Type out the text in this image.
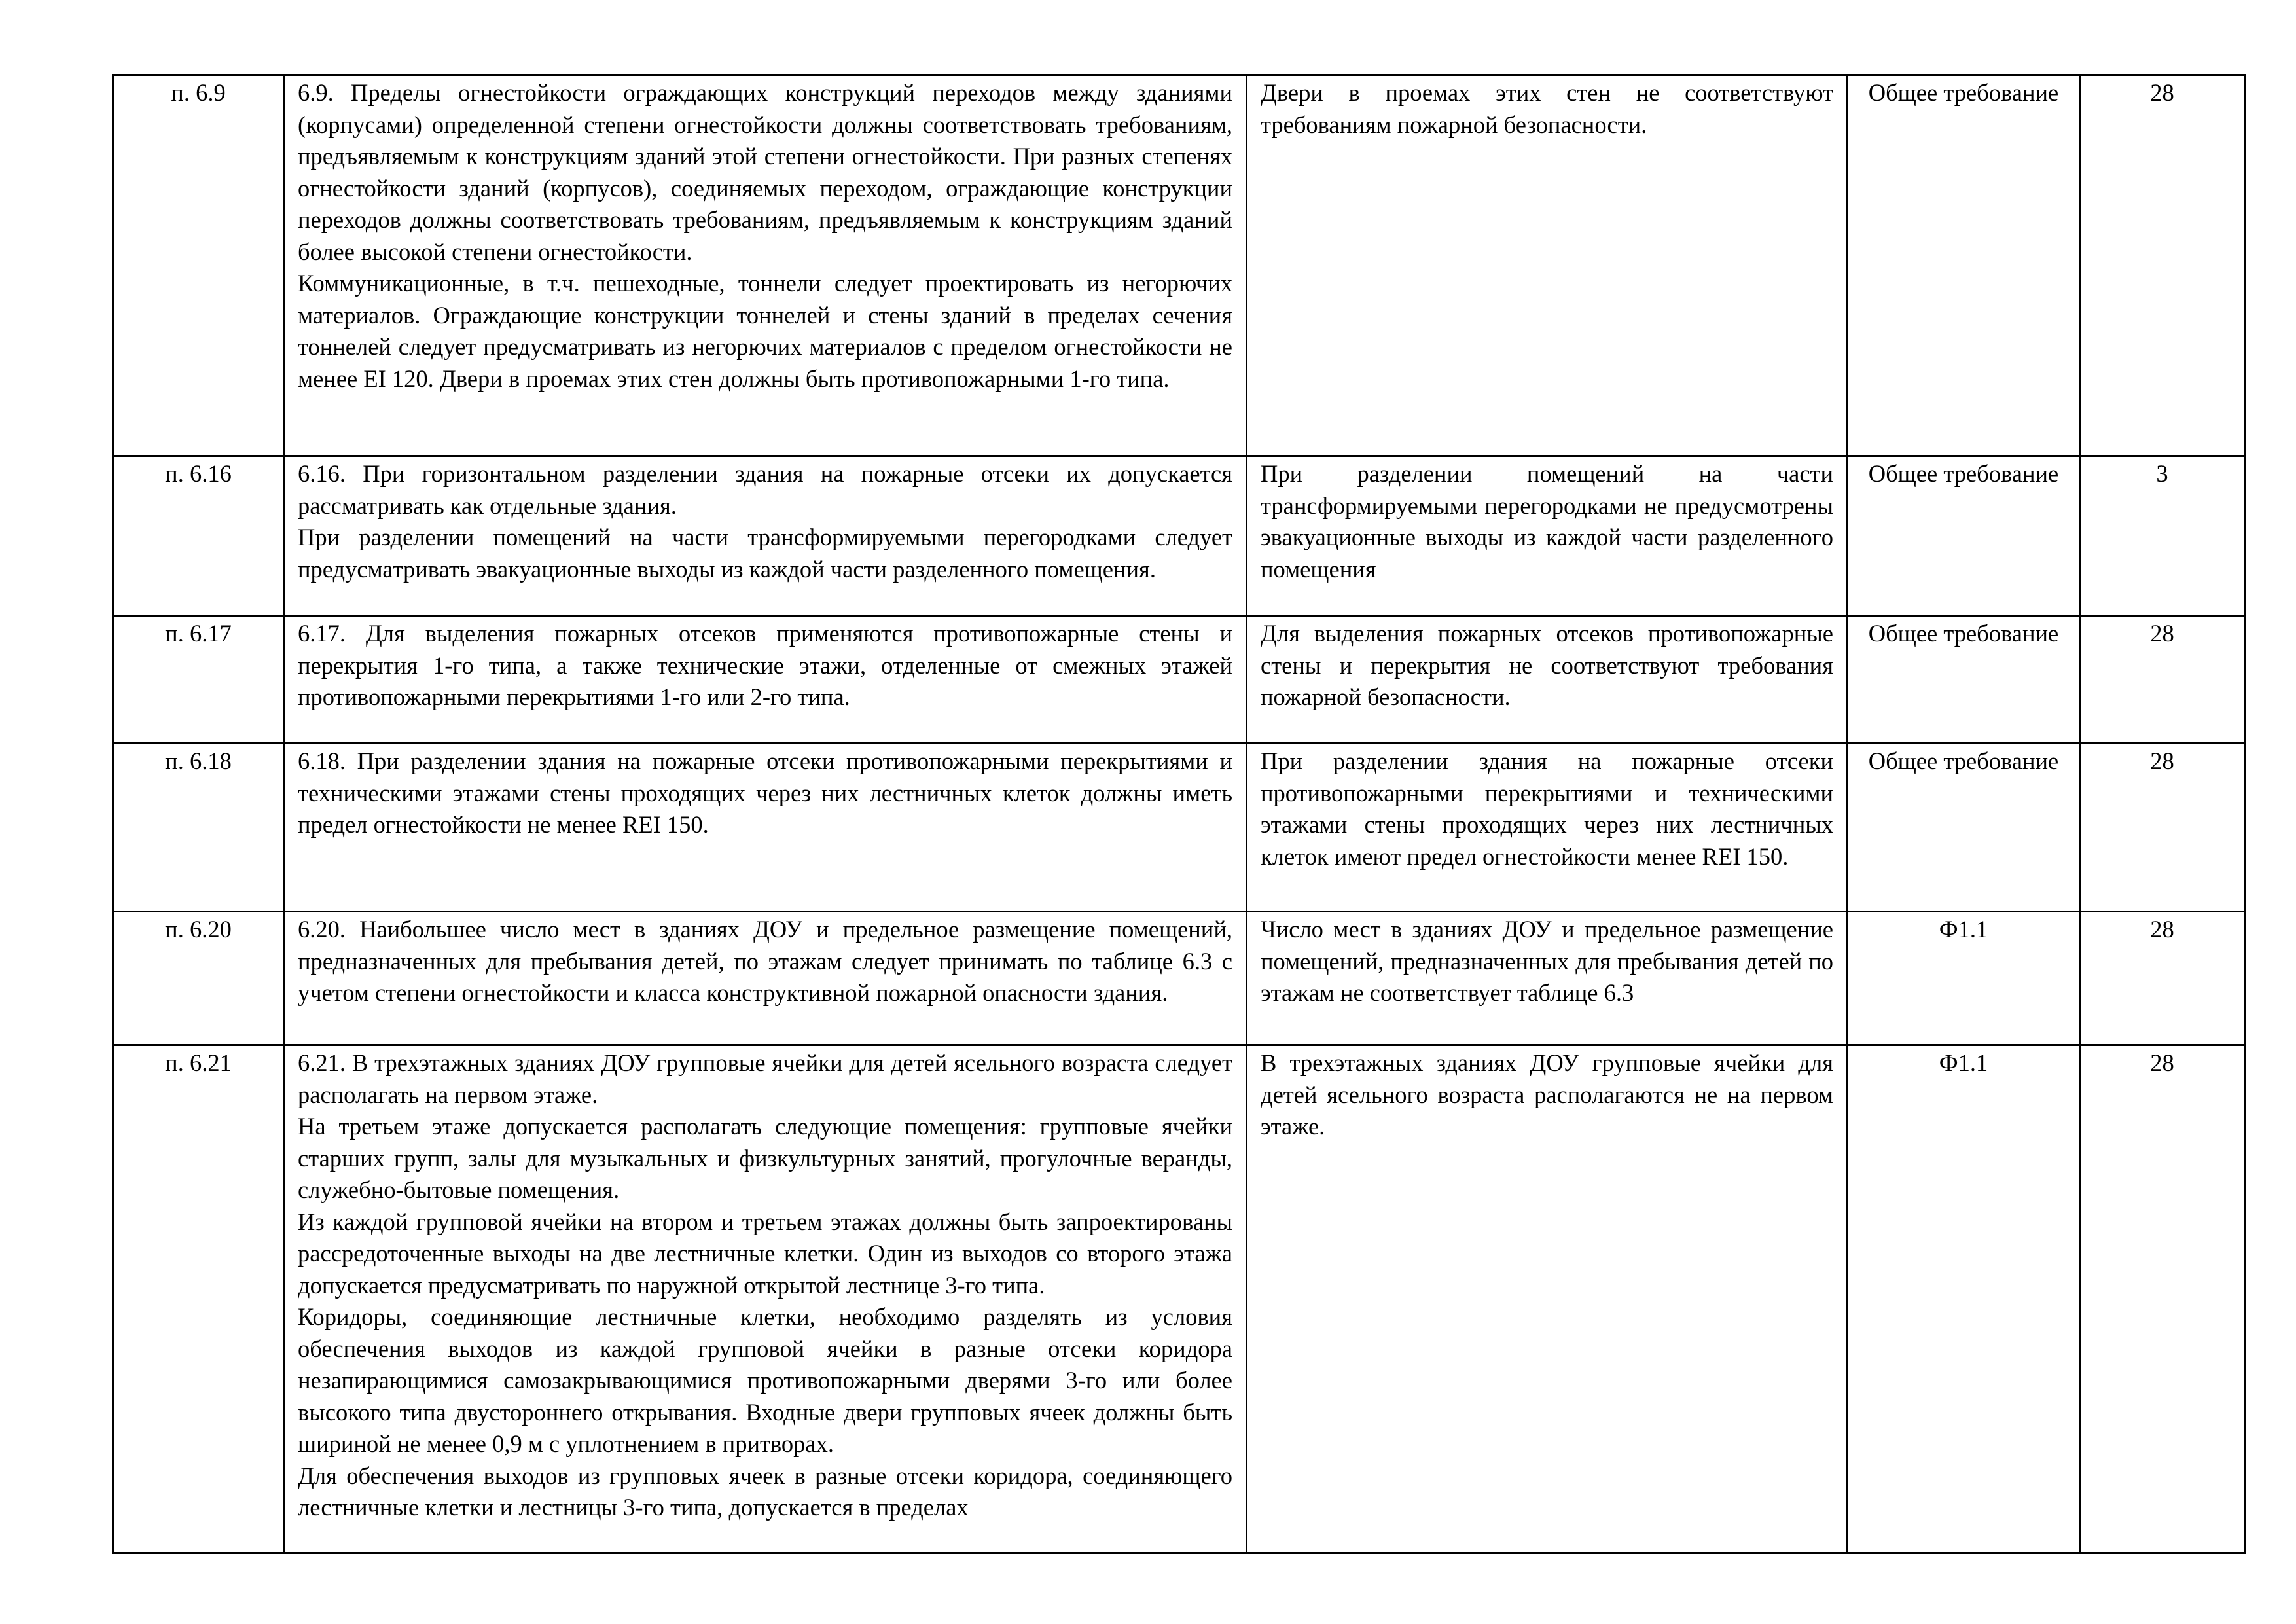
п. 6.9	6.9. Пределы огнестойкости ограждающих конструкций переходов между зданиями (корпусами) определенной степени огнестойкости должны соответствовать требованиям, предъявляемым к конструкциям зданий этой степени огнестойкости. При разных степенях огнестойкости зданий (корпусов), соединяемых переходом, ограждающие конструкции переходов должны соответствовать требованиям, предъявляемым к конструкциям зданий более высокой степени огнестойкости.

Коммуникационные, в т.ч. пешеходные, тоннели следует проектировать из негорючих материалов. Ограждающие конструкции тоннелей и стены зданий в пределах сечения тоннелей следует предусматривать из негорючих материалов с пределом огнестойкости не менее EI 120. Двери в проемах этих стен должны быть противопожарными 1-го типа.	Двери в проемах этих стен не соответствуют требованиям пожарной безопасности.	Общее требование	28
п. 6.16	6.16. При горизонтальном разделении здания на пожарные отсеки их допускается рассматривать как отдельные здания.

При разделении помещений на части трансформируемыми перегородками следует предусматривать эвакуационные выходы из каждой части разделенного помещения.	При разделении помещений на части трансформируемыми перегородками не предусмотрены эвакуационные выходы из каждой части разделенного помещения	Общее требование	3
п. 6.17	6.17. Для выделения пожарных отсеков применяются противопожарные стены и перекрытия 1-го типа, а также технические этажи, отделенные от смежных этажей противопожарными перекрытиями 1-го или 2-го типа.	Для выделения пожарных отсеков противопожарные стены и перекрытия не соответствуют требования пожарной безопасности.	Общее требование	28
п. 6.18	6.18. При разделении здания на пожарные отсеки противопожарными перекрытиями и техническими этажами стены проходящих через них лестничных клеток должны иметь предел огнестойкости не менее REI 150.	При разделении здания на пожарные отсеки противопожарными перекрытиями и техническими этажами стены проходящих через них лестничных клеток имеют предел огнестойкости менее REI 150.	Общее требование	28
п. 6.20	6.20. Наибольшее число мест в зданиях ДОУ и предельное размещение помещений, предназначенных для пребывания детей, по этажам следует принимать по таблице 6.3 с учетом степени огнестойкости и класса конструктивной пожарной опасности здания.	Число мест в зданиях ДОУ и предельное размещение помещений, предназначенных для пребывания детей по этажам не соответствует таблице 6.3	Ф1.1	28
п. 6.21	6.21. В трехэтажных зданиях ДОУ групповые ячейки для детей ясельного возраста следует располагать на первом этаже.

На третьем этаже допускается располагать следующие помещения: групповые ячейки старших групп, залы для музыкальных и физкультурных занятий, прогулочные веранды, служебно-бытовые помещения.

Из каждой групповой ячейки на втором и третьем этажах должны быть запроектированы рассредоточенные выходы на две лестничные клетки. Один из выходов со второго этажа допускается предусматривать по наружной открытой лестнице 3-го типа.

Коридоры, соединяющие лестничные клетки, необходимо разделять из условия обеспечения выходов из каждой групповой ячейки в разные отсеки коридора незапирающимися самозакрывающимися противопожарными дверями 3-го или более высокого типа двустороннего открывания. Входные двери групповых ячеек должны быть шириной не менее 0,9 м с уплотнением в притворах.

Для обеспечения выходов из групповых ячеек в разные отсеки коридора, соединяющего лестничные клетки и лестницы 3-го типа, допускается в пределах	В трехэтажных зданиях ДОУ групповые ячейки для детей ясельного возраста располагаются не на первом этаже.	Ф1.1	28
